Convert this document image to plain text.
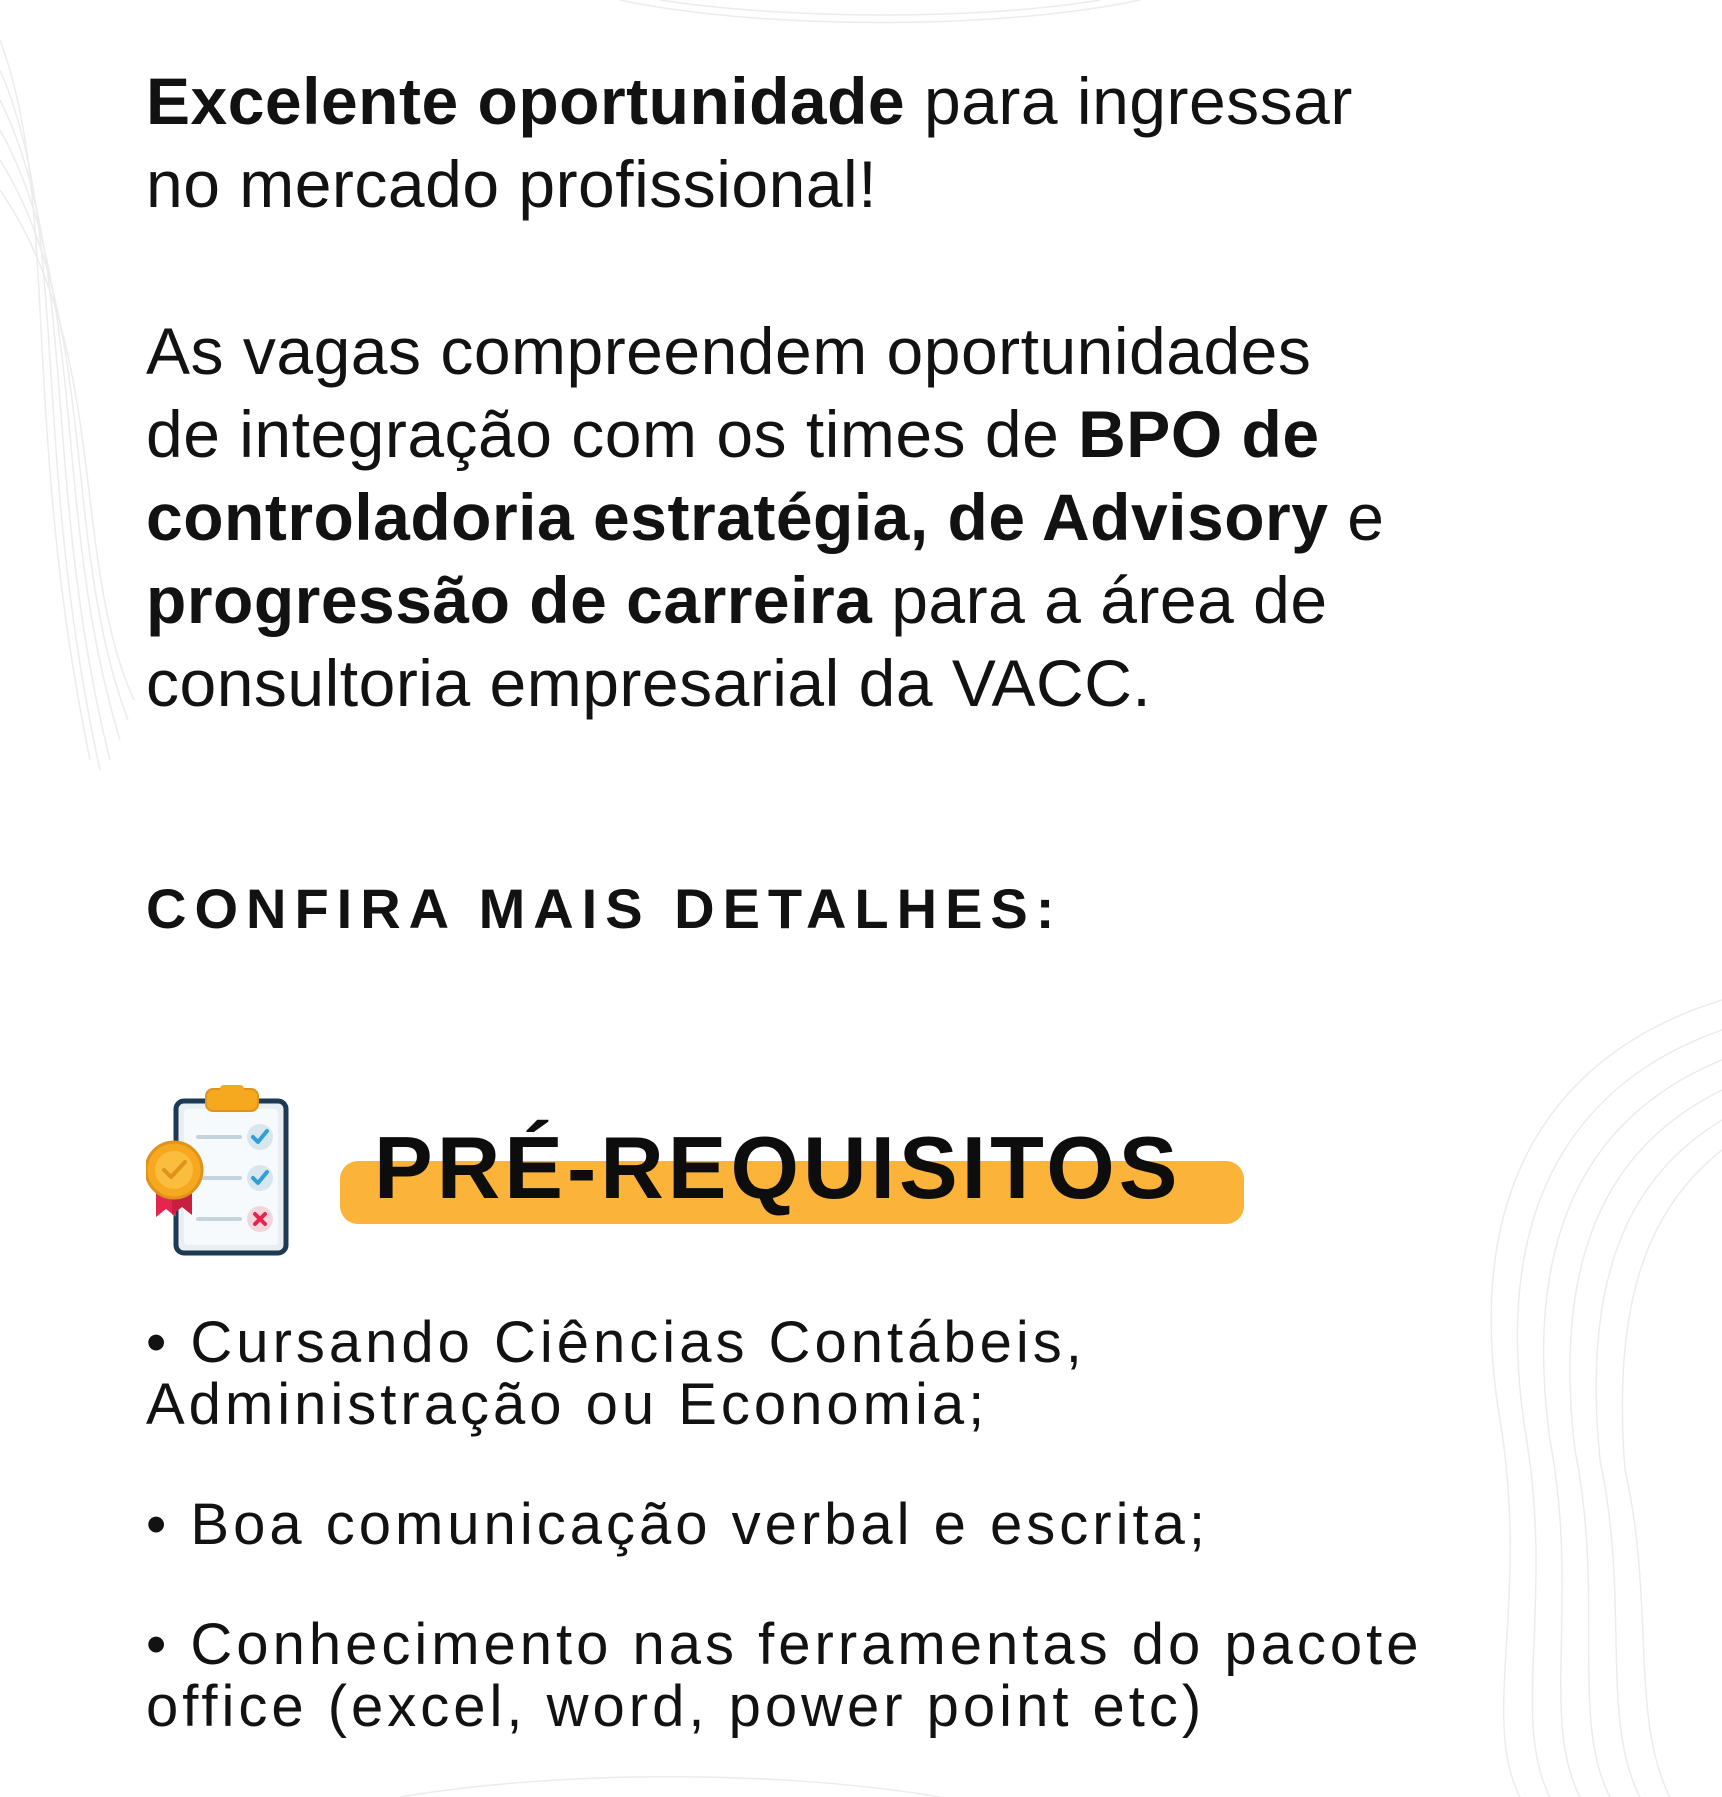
Excelente oportunidade para ingressar
no mercado profissional!

As vagas compreendem oportunidades
de integração com os times de BPO de
controladoria estratégia, de Advisory e
progressão de carreira para a área de
consultoria empresarial da VACC.

CONFIRA MAIS DETALHES:
PRÉ-REQUISITOS
• Cursando Ciências Contábeis,
Administração ou Economia;
• Boa comunicação verbal e escrita;
• Conhecimento nas ferramentas do pacote
office (excel, word, power point etc)
